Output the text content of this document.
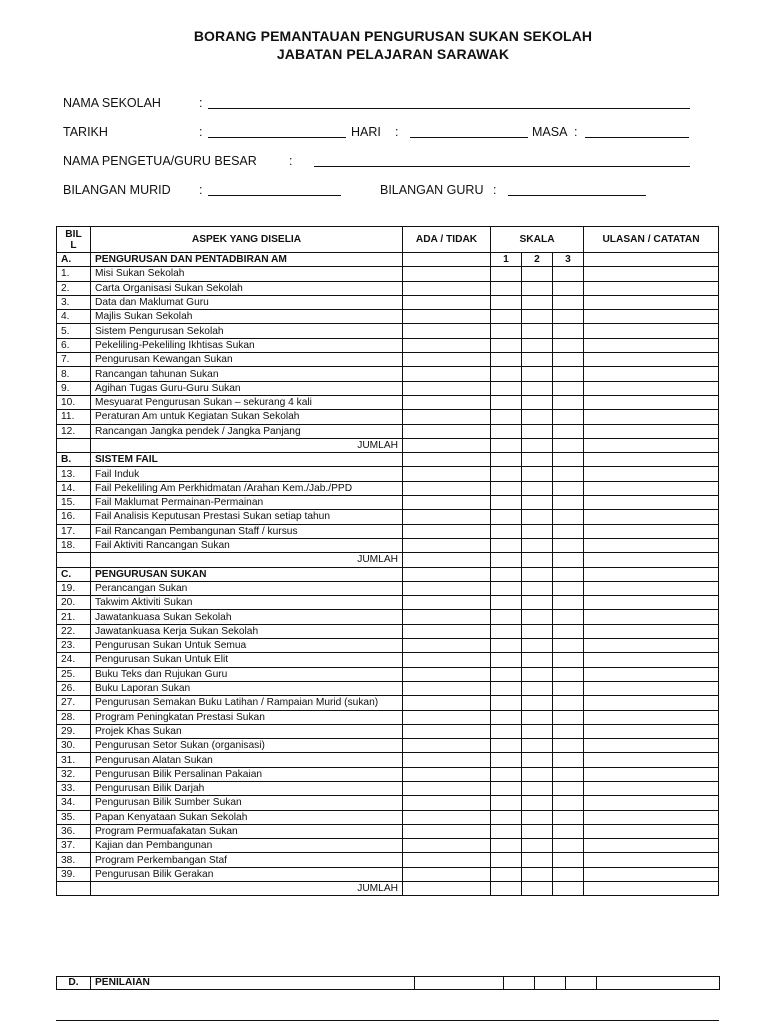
BORANG PEMANTAUAN PENGURUSAN SUKAN SEKOLAH
JABATAN PELAJARAN SARAWAK
NAMA SEKOLAH	:
TARIKH	:	HARI :	MASA :
NAMA PENGETUA/GURU BESAR	:
BILANGAN MURID :	BILANGAN GURU :
BIL
L	ASPEK YANG DISELIA	ADA / TIDAK	SKALA			ULASAN / CATATAN
A.	PENGURUSAN DAN PENTADBIRAN AM		1	2	3	
1.	Misi Sukan Sekolah					
2.	Carta Organisasi Sukan Sekolah					
3.	Data dan Maklumat Guru					
4.	Majlis Sukan Sekolah					
5.	Sistem Pengurusan Sekolah					
6.	Pekeliling-Pekeliling Ikhtisas Sukan					
7.	Pengurusan Kewangan Sukan					
8.	Rancangan tahunan Sukan					
9.	Agihan Tugas Guru-Guru Sukan					
10.	Mesyuarat Pengurusan Sukan – sekurang 4 kali					
11.	Peraturan Am untuk Kegiatan Sukan Sekolah					
12.	Rancangan Jangka pendek / Jangka Panjang					
	JUMLAH					
B.	SISTEM FAIL					
13.	Fail Induk					
14.	Fail Pekeliling Am Perkhidmatan /Arahan Kem./Jab./PPD					
15.	Fail Maklumat Permainan-Permainan					
16.	Fail Analisis Keputusan Prestasi Sukan setiap tahun					
17.	Fail Rancangan Pembangunan Staff / kursus					
18.	Fail Aktiviti Rancangan Sukan					
	JUMLAH					
C.	PENGURUSAN SUKAN					
19.	Perancangan Sukan					
20.	Takwim Aktiviti Sukan					
21.	Jawatankuasa Sukan Sekolah					
22.	Jawatankuasa Kerja Sukan Sekolah					
23.	Pengurusan Sukan Untuk Semua					
24.	Pengurusan Sukan Untuk Elit					
25.	Buku Teks dan Rujukan Guru					
26.	Buku Laporan Sukan					
27.	Pengurusan Semakan Buku Latihan / Rampaian Murid (sukan)					
28.	Program Peningkatan Prestasi Sukan					
29.	Projek Khas Sukan					
30.	Pengurusan Setor Sukan (organisasi)					
31.	Pengurusan Alatan Sukan					
32.	Pengurusan Bilik Persalinan Pakaian					
33.	Pengurusan Bilik Darjah					
34.	Pengurusan Bilik Sumber Sukan					
35.	Papan Kenyataan Sukan Sekolah					
36.	Program Permuafakatan Sukan					
37.	Kajian dan Pembangunan					
38.	Program Perkembangan Staf					
39.	Pengurusan Bilik Gerakan					
	JUMLAH					
D.	PENILAIAN					
